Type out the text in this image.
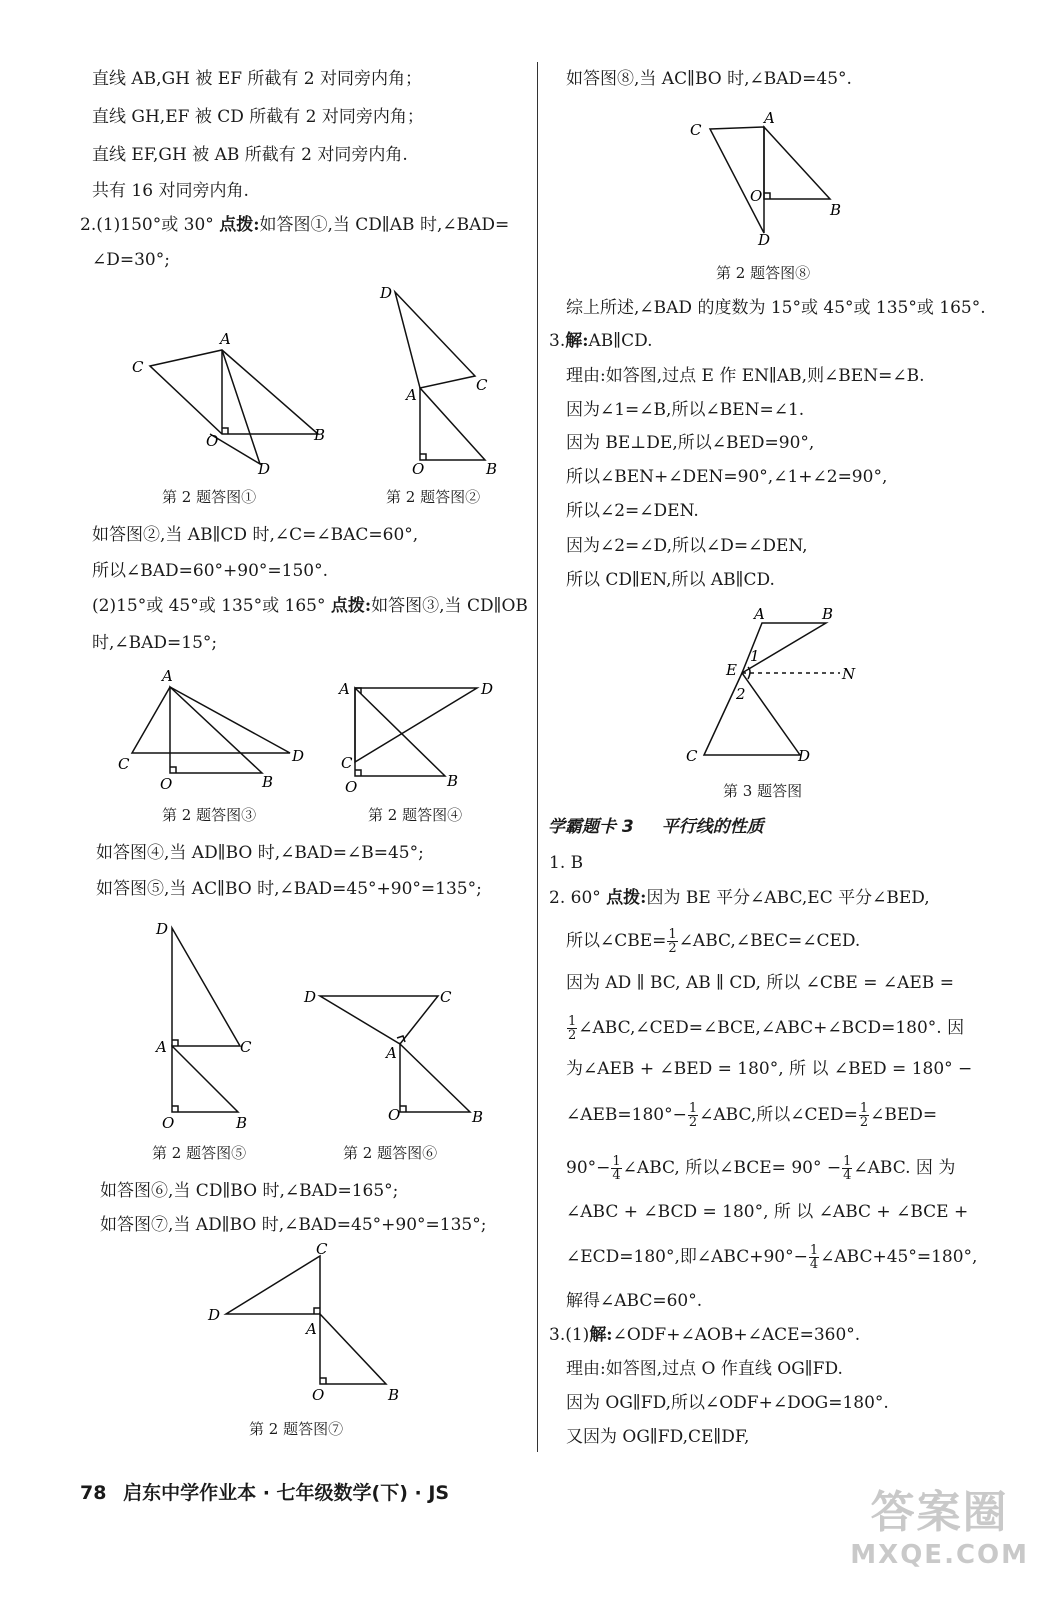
直线 AB,GH 被 EF 所截有 2 对同旁内角；
直线 GH,EF 被 CD 所截有 2 对同旁内角；
直线 EF,GH 被 AB 所截有 2 对同旁内角.
共有 16 对同旁内角.
2.(1)150°或 30° 点拨:如答图①,当 CD∥AB 时,∠BAD=
∠D=30°;
C
A
O	B
D
D
C
A
O	B
第 2 题答图①	第 2 题答图②
如答图②,当 AB∥CD 时,∠C=∠BAC=60°,
所以∠BAD=60°+90°=150°.
(2)15°或 45°或 135°或 165° 点拨:如答图③,当 CD∥OB
时,∠BAD=15°;
A
C
O	B
D
A	D
C
O	B
第 2 题答图③	第 2 题答图④
如答图④,当 AD∥BO 时,∠BAD=∠B=45°;
如答图⑤,当 AC∥BO 时,∠BAD=45°+90°=135°;
D
A	C
O	B
D	C
A
O	B
第 2 题答图⑤	第 2 题答图⑥
如答图⑥,当 CD∥BO 时,∠BAD=165°;
如答图⑦,当 AD∥BO 时,∠BAD=45°+90°=135°;
C
D
A
O	B
第 2 题答图⑦
如答图⑧,当 AC∥BO 时,∠BAD=45°.
C
A
O
B
D
第 2 题答图⑧
综上所述,∠BAD 的度数为 15°或 45°或 135°或 165°.
3.解:AB∥CD.
理由:如答图,过点 E 作 EN∥AB,则∠BEN=∠B.
因为∠1=∠B,所以∠BEN=∠1.
因为 BE⊥DE,所以∠BED=90°,
所以∠BEN+∠DEN=90°,∠1+∠2=90°,
所以∠2=∠DEN.
因为∠2=∠D,所以∠D=∠DEN,
所以 CD∥EN,所以 AB∥CD.
A	B
1
E	N
2
C	D
第 3 题答图
学霸题卡 3 平行线的性质
1. B
2. 60° 点拨:因为 BE 平分∠ABC,EC 平分∠BED,
所以∠CBE= $\frac{1}{2}$ ∠ABC,∠BEC=∠CED.
因为 AD ∥ BC, AB ∥ CD, 所以 ∠CBE = ∠AEB =
$\frac{1}{2}$ ∠ABC,∠CED=∠BCE,∠ABC+∠BCD=180°. 因
为∠AEB + ∠BED = 180°, 所 以 ∠BED = 180° −
∠AEB=180°− $\frac{1}{2}$ ∠ABC,所以∠CED= $\frac{1}{2}$ ∠BED=
$90^\circ- \frac{1}{4}$ ∠ABC, 所以∠BCE= $90^\circ - \frac{1}{4}$ ∠ABC. 因 为
∠ABC + ∠BCD = 180°, 所 以 ∠ABC + ∠BCE +
∠ECD=180°,即∠ABC+90°− $\frac{1}{4}$ ∠ABC+45°=180°,
解得∠ABC=60°.
3.(1)解:∠ODF+∠AOB+∠ACE=360°.
理由:如答图,过点 O 作直线 OG∥FD.
因为 OG∥FD,所以∠ODF+∠DOG=180°.
又因为 OG∥FD,CE∥DF,
78 启东中学作业本 · 七年级数学(下) · JS	答案圈
MXQE.COM
